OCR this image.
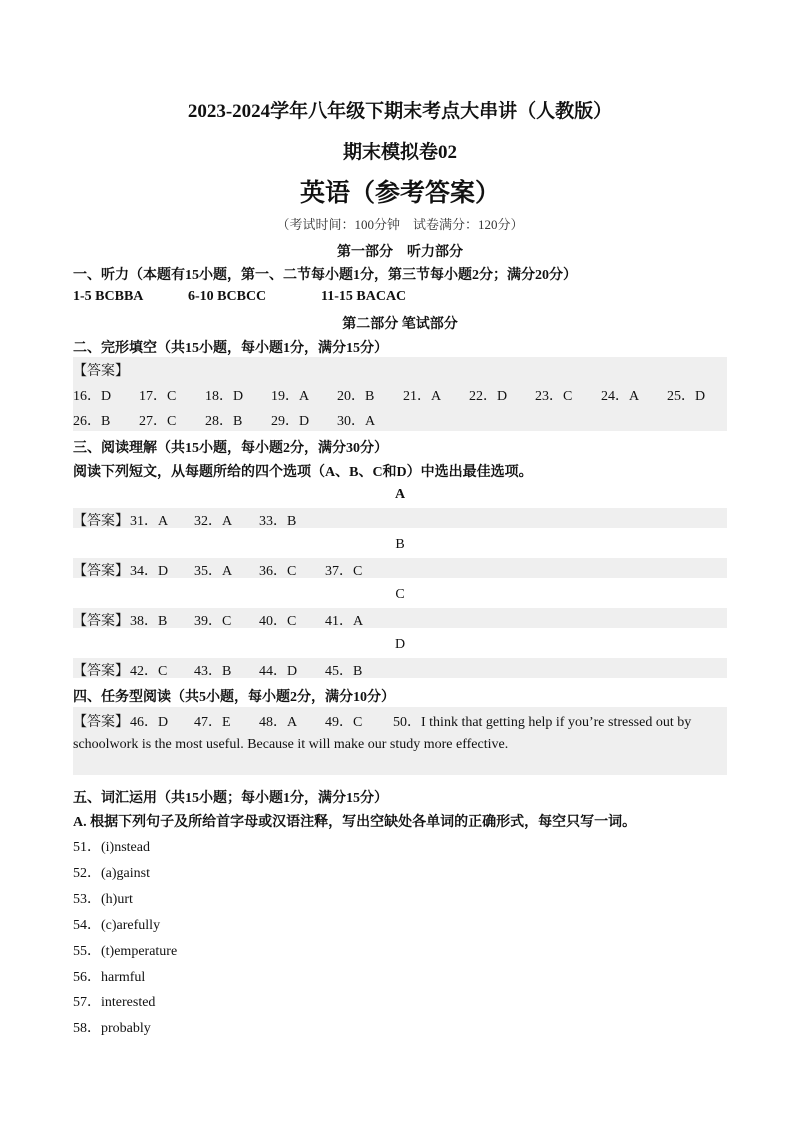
2023-2024学年八年级下期末考点大串讲（人教版）
期末模拟卷02
英语（参考答案）
（考试时间：100分钟　试卷满分：120分）
第一部分　听力部分
一、听力（本题有15小题，第一、二节每小题1分，第三节每小题2分；满分20分）
1-5 BCBBA	6-10 BCBCC	11-15 BACAC
第二部分 笔试部分
二、完形填空（共15小题，每小题1分，满分15分）
【答案】
16．D 17．C 18．D 19．A 20．B 21．A 22．D 23．C 24．A 25．D
26．B 27．C 28．B 29．D 30．A
三、阅读理解（共15小题，每小题2分，满分30分）
阅读下列短文，从每题所给的四个选项（A、B、C和D）中选出最佳选项。
A
【答案】 31．A 32．A 33．B
B
【答案】 34．D 35．A 36．C 37．C
C
【答案】 38．B 39．C 40．C 41．A
D
【答案】 42．C 43．B 44．D 45．B
四、任务型阅读（共5小题，每小题2分，满分10分）
【答案】 46．D 47．E 48．A 49．C 50．I think that getting help if you’re stressed out by
schoolwork is the most useful. Because it will make our study more effective.
五、词汇运用（共15小题；每小题1分，满分15分）
A. 根据下列句子及所给首字母或汉语注释，写出空缺处各单词的正确形式，每空只写一词。
51．(i)nstead
52．(a)gainst
53．(h)urt
54．(c)arefully
55．(t)emperature
56．harmful
57．interested
58．probably
